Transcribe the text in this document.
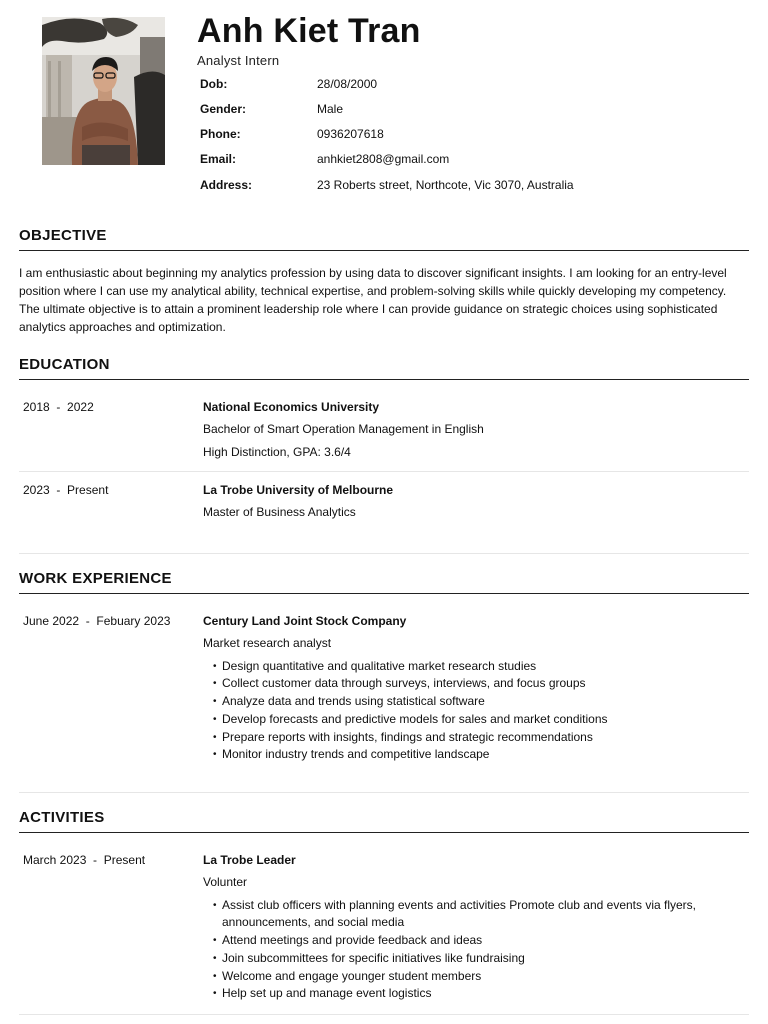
Anh Kiet Tran
Analyst Intern
Dob:	28/08/2000
Gender:	Male
Phone:	0936207618
Email:	anhkiet2808@gmail.com
Address:	23 Roberts street, Northcote, Vic 3070, Australia
OBJECTIVE

I am enthusiastic about beginning my analytics profession by using data to discover significant insights. I am looking for an entry-level position where I can use my analytical ability, technical expertise, and problem-solving skills while quickly developing my competency. The ultimate objective is to attain a prominent leadership role where I can provide guidance on strategic choices using sophisticated analytics approaches and optimization.

EDUCATION
2018 - 2022	National Economics University
Bachelor of Smart Operation Management in English
High Distinction, GPA: 3.6/4
2023 - Present	La Trobe University of Melbourne
Master of Business Analytics
WORK EXPERIENCE
June 2022 - Febuary 2023	Century Land Joint Stock Company
Market research analyst
• Design quantitative and qualitative market research studies
• Collect customer data through surveys, interviews, and focus groups
• Analyze data and trends using statistical software
• Develop forecasts and predictive models for sales and market conditions
• Prepare reports with insights, findings and strategic recommendations
• Monitor industry trends and competitive landscape
ACTIVITIES
March 2023 - Present	La Trobe Leader
Volunter
• Assist club officers with planning events and activities Promote club and events via flyers, announcements, and social media
• Attend meetings and provide feedback and ideas
• Join subcommittees for specific initiatives like fundraising
• Welcome and engage younger student members
• Help set up and manage event logistics
